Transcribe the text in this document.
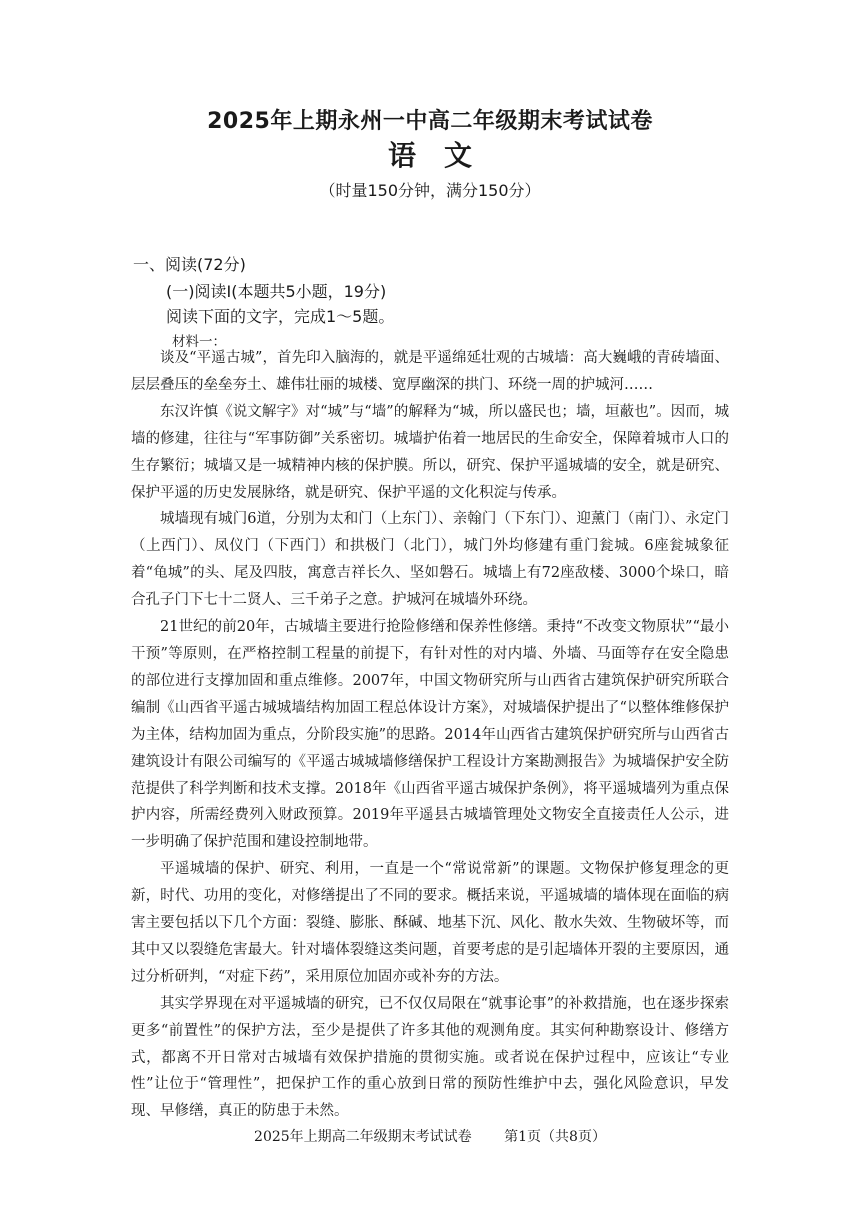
2025年上期永州一中高二年级期末考试试卷
语文
（时量150分钟，满分150分）
一、阅读(72分)
(一)阅读Ⅰ(本题共5小题，19分)
阅读下面的文字，完成1～5题。
材料一：

谈及“平遥古城”，首先印入脑海的，就是平遥绵延壮观的古城墙：高大巍峨的青砖墙面、层层叠压的垒垒夯土、雄伟壮丽的城楼、宽厚幽深的拱门、环绕一周的护城河……

东汉许慎《说文解字》对“城”与“墙”的解释为“城，所以盛民也；墙，垣蔽也”。因而，城墙的修建，往往与“军事防御”关系密切。城墙护佑着一地居民的生命安全，保障着城市人口的生存繁衍；城墙又是一城精神内核的保护膜。所以，研究、保护平遥城墙的安全，就是研究、保护平遥的历史发展脉络，就是研究、保护平遥的文化积淀与传承。

城墙现有城门6道，分别为太和门（上东门）、亲翰门（下东门）、迎薰门（南门）、永定门（上西门）、凤仪门（下西门）和拱极门（北门），城门外均修建有重门瓮城。6座瓮城象征着“龟城”的头、尾及四肢，寓意吉祥长久、坚如磐石。城墙上有72座敌楼、3000个垛口，暗合孔子门下七十二贤人、三千弟子之意。护城河在城墙外环绕。

21世纪的前20年，古城墙主要进行抢险修缮和保养性修缮。秉持“不改变文物原状”“最小干预”等原则，在严格控制工程量的前提下，有针对性的对内墙、外墙、马面等存在安全隐患的部位进行支撑加固和重点维修。2007年，中国文物研究所与山西省古建筑保护研究所联合编制《山西省平遥古城城墙结构加固工程总体设计方案》，对城墙保护提出了“以整体维修保护为主体，结构加固为重点，分阶段实施”的思路。2014年山西省古建筑保护研究所与山西省古建筑设计有限公司编写的《平遥古城城墙修缮保护工程设计方案勘测报告》为城墙保护安全防范提供了科学判断和技术支撑。2018年《山西省平遥古城保护条例》，将平遥城墙列为重点保护内容，所需经费列入财政预算。2019年平遥县古城墙管理处文物安全直接责任人公示，进一步明确了保护范围和建设控制地带。

平遥城墙的保护、研究、利用，一直是一个“常说常新”的课题。文物保护修复理念的更新，时代、功用的变化，对修缮提出了不同的要求。概括来说，平遥城墙的墙体现在面临的病害主要包括以下几个方面：裂缝、膨胀、酥碱、地基下沉、风化、散水失效、生物破坏等，而其中又以裂缝危害最大。针对墙体裂缝这类问题，首要考虑的是引起墙体开裂的主要原因，通过分析研判，“对症下药”，采用原位加固亦或补夯的方法。

其实学界现在对平遥城墙的研究，已不仅仅局限在“就事论事”的补救措施，也在逐步探索更多“前置性”的保护方法，至少是提供了许多其他的观测角度。其实何种勘察设计、修缮方式，都离不开日常对古城墙有效保护措施的贯彻实施。或者说在保护过程中，应该让“专业性”让位于“管理性”，把保护工作的重心放到日常的预防性维护中去，强化风险意识，早发现、早修缮，真正的防患于未然。

2025年上期高二年级期末考试试卷 第1页（共8页）
